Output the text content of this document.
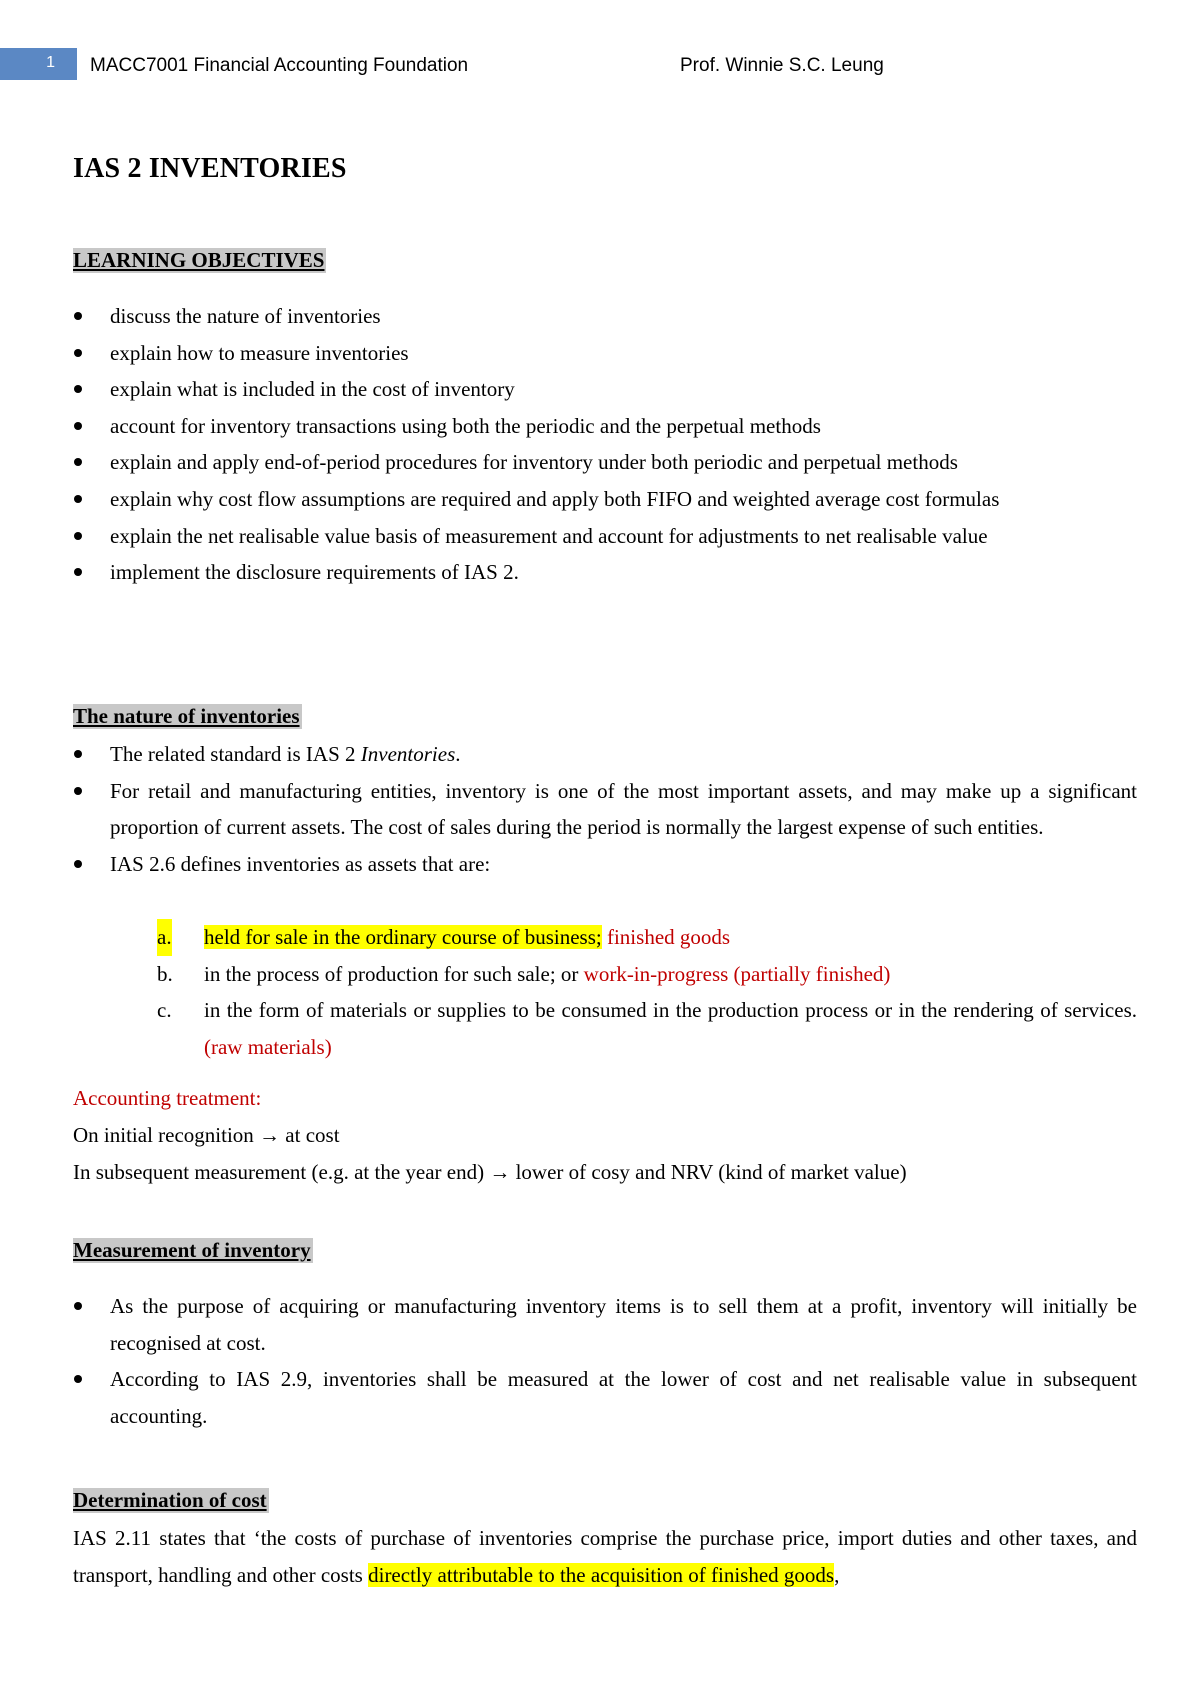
1 MACC7001 Financial Accounting Foundation	Prof. Winnie S.C. Leung
IAS 2 INVENTORIES
LEARNING OBJECTIVES
discuss the nature of inventories
explain how to measure inventories
explain what is included in the cost of inventory
account for inventory transactions using both the periodic and the perpetual methods
explain and apply end-of-period procedures for inventory under both periodic and perpetual methods
explain why cost flow assumptions are required and apply both FIFO and weighted average cost formulas
explain the net realisable value basis of measurement and account for adjustments to net realisable value
implement the disclosure requirements of IAS 2.
The nature of inventories
The related standard is IAS 2 Inventories.
For retail and manufacturing entities, inventory is one of the most important assets, and may make up a significant proportion of current assets. The cost of sales during the period is normally the largest expense of such entities.
IAS 2.6 defines inventories as assets that are:
a. held for sale in the ordinary course of business; finished goods
b. in the process of production for such sale; or work-in-progress (partially finished)
c. in the form of materials or supplies to be consumed in the production process or in the rendering of services. (raw materials)
Accounting treatment:
On initial recognition → at cost
In subsequent measurement (e.g. at the year end) → lower of cosy and NRV (kind of market value)
Measurement of inventory
As the purpose of acquiring or manufacturing inventory items is to sell them at a profit, inventory will initially be recognised at cost.
According to IAS 2.9, inventories shall be measured at the lower of cost and net realisable value in subsequent accounting.
Determination of cost
IAS 2.11 states that ‘the costs of purchase of inventories comprise the purchase price, import duties and other taxes, and transport, handling and other costs directly attributable to the acquisition of finished goods,
